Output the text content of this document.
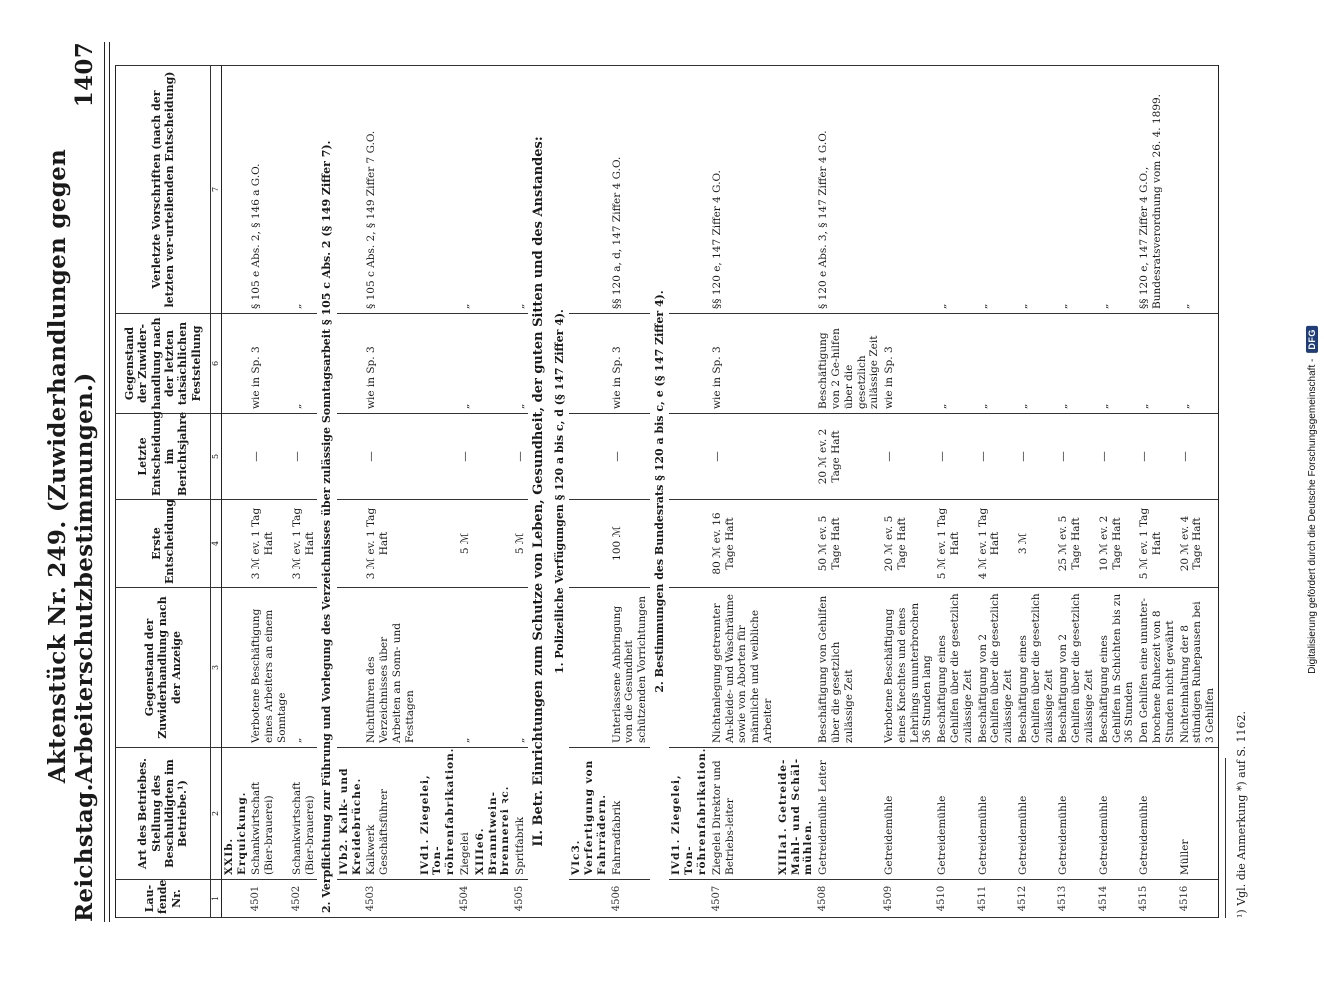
Reichstag.
Aktenstück Nr. 249. (Zuwiderhandlungen gegen Arbeiterschutzbestimmungen.)
1407
Lau-fende Nr.	Art des Betriebes. Stellung des Beschuldigten im Betriebe.¹)	Gegenstand der Zuwiderhandlung nach der Anzeige	Erste Entscheidung	Letzte Entscheidung im Berichtsjahre	Gegenstand der Zuwider-handlung nach der letzten tatsächlichen Feststellung	Verletzte Vorschriften (nach der letzten ver-urteilenden Entscheidung)
1	2	3	4	5	6	7

	XXIb. Erquickung.					

4501	Schankwirtschaft (Bier-brauerei)	Verbotene Beschäftigung eines Arbeiters an einem Sonntage	3 ℳ ev. 1 Tag Haft	—	wie in Sp. 3	§ 105 e Abs. 2, § 146 a G.O.
4502	Schankwirtschaft (Bier-brauerei)	„	3 ℳ ev. 1 Tag Haft	—	„	„
2. Verpflichtung zur Führung und Vorlegung des Verzeichnisses über zulässige Sonntagsarbeit § 105 c Abs. 2 (§ 149 Ziffer 7).						

	IVb2. Kalk- und Kreidebrüche.					

4503	Kalkwerk Geschäftsführer	Nichtführen des Verzeichnisses über Arbeiten an Sonn- und Festtagen	3 ℳ ev. 1 Tag Haft	—	wie in Sp. 3	§ 105 c Abs. 2, § 149 Ziffer 7 G.O.

	IVd1. Ziegelei, Ton-röhrenfabrikation.					

4504	Ziegelei	„	5 ℳ	—	„	„

	XIIIe6. Branntwein-brennerei ꝛc.					

4505	Spritfabrik	„	5 ℳ	—	„	„
II. Betr. Einrichtungen zum Schutze von Leben, Gesundheit, der guten Sitten und des Anstandes:						
1. Polizeiliche Verfügungen § 120 a bis c, d (§ 147 Ziffer 4).						

	VIc3. Verfertigung von Fahrrädern.					

4506	Fahrradfabrik	Unterlassene Anbringung von die Gesundheit schützenden Vorrichtungen	100 ℳ	—	wie in Sp. 3	§§ 120 a, d, 147 Ziffer 4 G.O.
2. Bestimmungen des Bundesrats § 120 a bis c, e (§ 147 Ziffer 4).						

	IVd1. Ziegelei, Ton-röhrenfabrikation.					

4507	Ziegelei Direktor und Betriebs-leiter	Nichtanlegung getrennter An-kleide- und Waschräume sowie von Aborten für männliche und weibliche Arbeiter	80 ℳ ev. 16 Tage Haft	—	wie in Sp. 3	§§ 120 e, 147 Ziffer 4 G.O.

	XIIIa1. Getreide-Mahl- und Schäl-mühlen.					

4508	Getreidemühle Leiter	Beschäftigung von Gehilfen über die gesetzlich zulässige Zeit	50 ℳ ev. 5 Tage Haft	20 ℳ ev. 2 Tage Haft	Beschäftigung von 2 Ge-hilfen über die gesetzlich zulässige Zeit	§ 120 e Abs. 3, § 147 Ziffer 4 G.O.
4509	Getreidemühle	Verbotene Beschäftigung eines Knechtes und eines Lehrlings ununterbrochen 36 Stunden lang	20 ℳ ev. 5 Tage Haft	—	wie in Sp. 3	
4510	Getreidemühle	Beschäftigung eines Gehilfen über die gesetzlich zulässige Zeit	5 ℳ ev. 1 Tag Haft	—	„	„
4511	Getreidemühle	Beschäftigung von 2 Gehilfen über die gesetzlich zulässige Zeit	4 ℳ ev. 1 Tag Haft	—	„	„
4512	Getreidemühle	Beschäftigung eines Gehilfen über die gesetzlich zulässige Zeit	3 ℳ	—	„	„
4513	Getreidemühle	Beschäftigung von 2 Gehilfen über die gesetzlich zulässige Zeit	25 ℳ ev. 5 Tage Haft	—	„	„
4514	Getreidemühle	Beschäftigung eines Gehilfen in Schichten bis zu 36 Stunden	10 ℳ ev. 2 Tage Haft	—	„	„
4515	Getreidemühle	Den Gehilfen eine ununter-brochene Ruhezeit von 8 Stunden nicht gewährt	5 ℳ ev. 1 Tag Haft	—	„	§§ 120 e, 147 Ziffer 4 G.O., Bundesratsverordnung vom 26. 4. 1899.
4516	Müller	Nichteinhaltung der 8 stündigen Ruhepausen bei 3 Gehilfen	20 ℳ ev. 4 Tage Haft	—	„	„
¹) Vgl. die Anmerkung *) auf S. 1162.
Digitalisierung gefördert durch die Deutsche Forschungsgemeinschaft -
DFG
